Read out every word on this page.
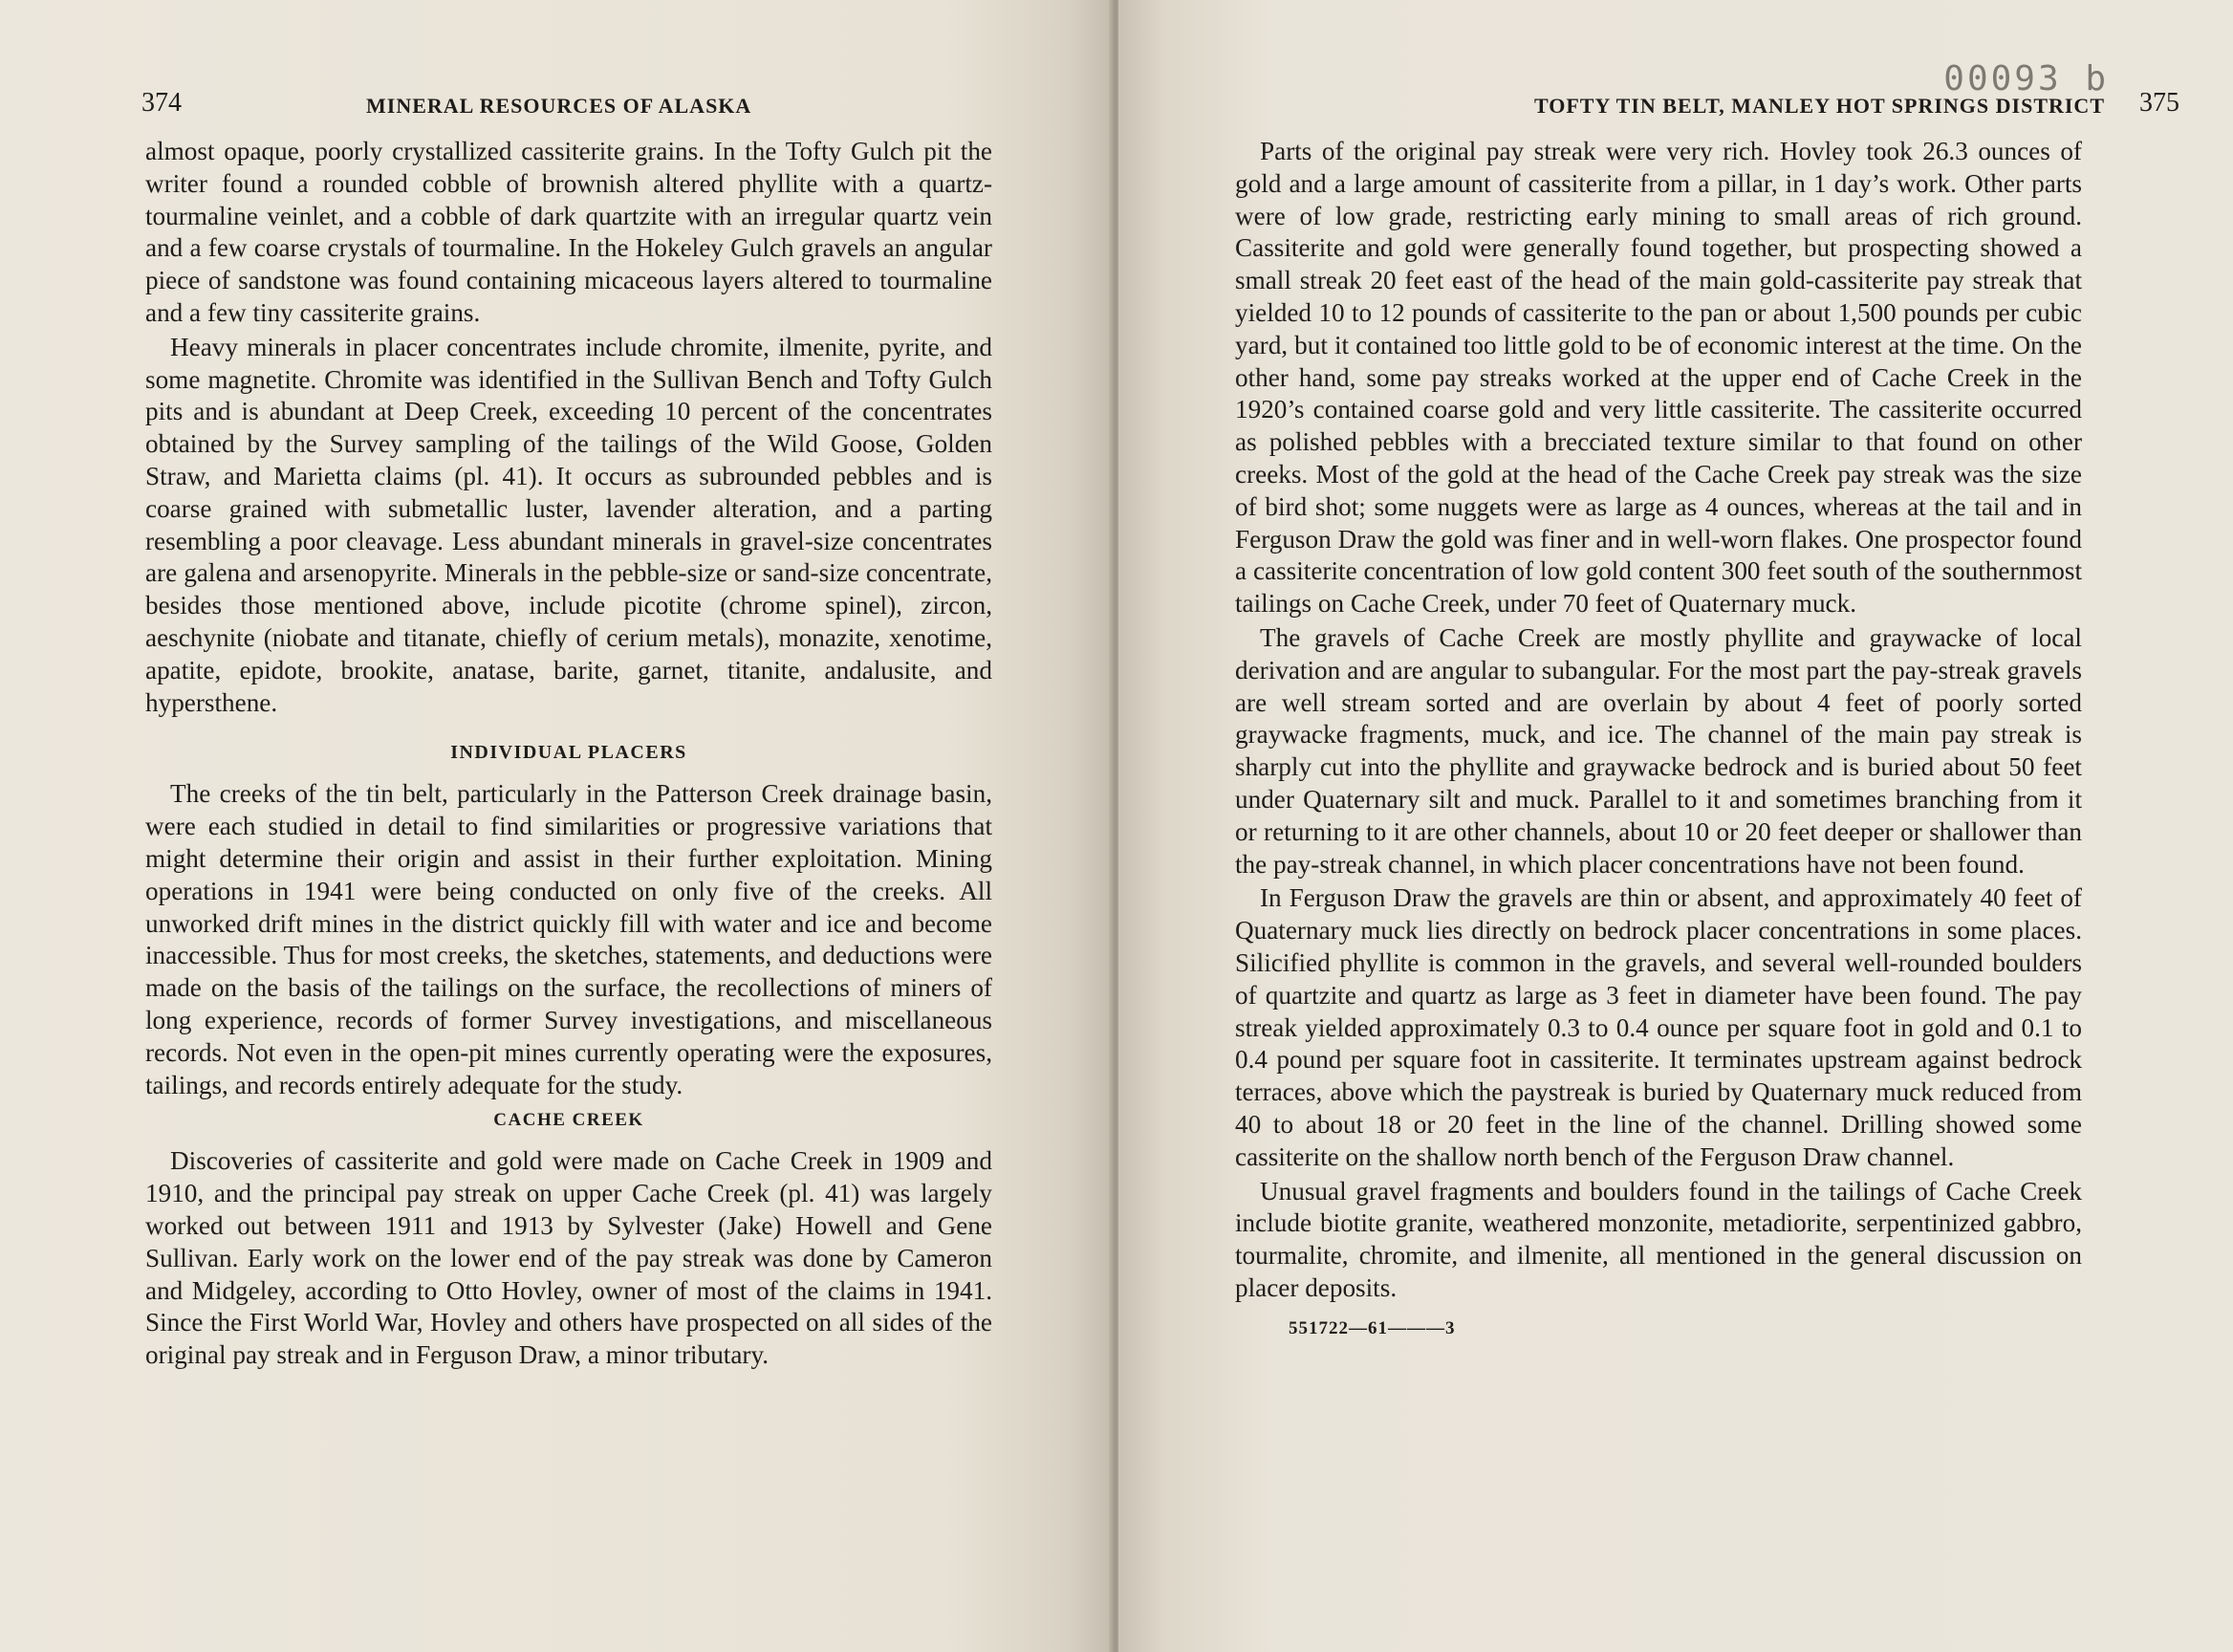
374	MINERAL RESOURCES OF ALASKA

almost opaque, poorly crystallized cassiterite grains. In the Tofty Gulch pit the writer found a rounded cobble of brownish altered phyllite with a quartz-tourmaline veinlet, and a cobble of dark quartzite with an irregular quartz vein and a few coarse crystals of tourmaline. In the Hokeley Gulch gravels an angular piece of sandstone was found containing micaceous layers altered to tourmaline and a few tiny cassiterite grains.

Heavy minerals in placer concentrates include chromite, ilmenite, pyrite, and some magnetite. Chromite was identified in the Sullivan Bench and Tofty Gulch pits and is abundant at Deep Creek, exceeding 10 percent of the concentrates obtained by the Survey sampling of the tailings of the Wild Goose, Golden Straw, and Marietta claims (pl. 41). It occurs as subrounded pebbles and is coarse grained with submetallic luster, lavender alteration, and a parting resembling a poor cleavage. Less abundant minerals in gravel-size concentrates are galena and arsenopyrite. Minerals in the pebble-size or sand-size concentrate, besides those mentioned above, include picotite (chrome spinel), zircon, aeschynite (niobate and titanate, chiefly of cerium metals), monazite, xenotime, apatite, epidote, brookite, anatase, barite, garnet, titanite, andalusite, and hypersthene.

INDIVIDUAL PLACERS

The creeks of the tin belt, particularly in the Patterson Creek drainage basin, were each studied in detail to find similarities or progressive variations that might determine their origin and assist in their further exploitation. Mining operations in 1941 were being conducted on only five of the creeks. All unworked drift mines in the district quickly fill with water and ice and become inaccessible. Thus for most creeks, the sketches, statements, and deductions were made on the basis of the tailings on the surface, the recollections of miners of long experience, records of former Survey investigations, and miscellaneous records. Not even in the open-pit mines currently operating were the exposures, tailings, and records entirely adequate for the study.

CACHE CREEK

Discoveries of cassiterite and gold were made on Cache Creek in 1909 and 1910, and the principal pay streak on upper Cache Creek (pl. 41) was largely worked out between 1911 and 1913 by Sylvester (Jake) Howell and Gene Sullivan. Early work on the lower end of the pay streak was done by Cameron and Midgeley, according to Otto Hovley, owner of most of the claims in 1941. Since the First World War, Hovley and others have prospected on all sides of the original pay streak and in Ferguson Draw, a minor tributary.

00093 b
TOFTY TIN BELT, MANLEY HOT SPRINGS DISTRICT 375

Parts of the original pay streak were very rich. Hovley took 26.3 ounces of gold and a large amount of cassiterite from a pillar, in 1 day’s work. Other parts were of low grade, restricting early mining to small areas of rich ground. Cassiterite and gold were generally found together, but prospecting showed a small streak 20 feet east of the head of the main gold-cassiterite pay streak that yielded 10 to 12 pounds of cassiterite to the pan or about 1,500 pounds per cubic yard, but it contained too little gold to be of economic interest at the time. On the other hand, some pay streaks worked at the upper end of Cache Creek in the 1920’s contained coarse gold and very little cassiterite. The cassiterite occurred as polished pebbles with a brecciated texture similar to that found on other creeks. Most of the gold at the head of the Cache Creek pay streak was the size of bird shot; some nuggets were as large as 4 ounces, whereas at the tail and in Ferguson Draw the gold was finer and in well-worn flakes. One prospector found a cassiterite concentration of low gold content 300 feet south of the southernmost tailings on Cache Creek, under 70 feet of Quaternary muck.

The gravels of Cache Creek are mostly phyllite and graywacke of local derivation and are angular to subangular. For the most part the pay-streak gravels are well stream sorted and are overlain by about 4 feet of poorly sorted graywacke fragments, muck, and ice. The channel of the main pay streak is sharply cut into the phyllite and graywacke bedrock and is buried about 50 feet under Quaternary silt and muck. Parallel to it and sometimes branching from it or returning to it are other channels, about 10 or 20 feet deeper or shallower than the pay-streak channel, in which placer concentrations have not been found.

In Ferguson Draw the gravels are thin or absent, and approximately 40 feet of Quaternary muck lies directly on bedrock placer concentrations in some places. Silicified phyllite is common in the gravels, and several well-rounded boulders of quartzite and quartz as large as 3 feet in diameter have been found. The pay streak yielded approximately 0.3 to 0.4 ounce per square foot in gold and 0.1 to 0.4 pound per square foot in cassiterite. It terminates upstream against bedrock terraces, above which the paystreak is buried by Quaternary muck reduced from 40 to about 18 or 20 feet in the line of the channel. Drilling showed some cassiterite on the shallow north bench of the Ferguson Draw channel.

Unusual gravel fragments and boulders found in the tailings of Cache Creek include biotite granite, weathered monzonite, metadiorite, serpentinized gabbro, tourmalite, chromite, and ilmenite, all mentioned in the general discussion on placer deposits.

551722—61———3
